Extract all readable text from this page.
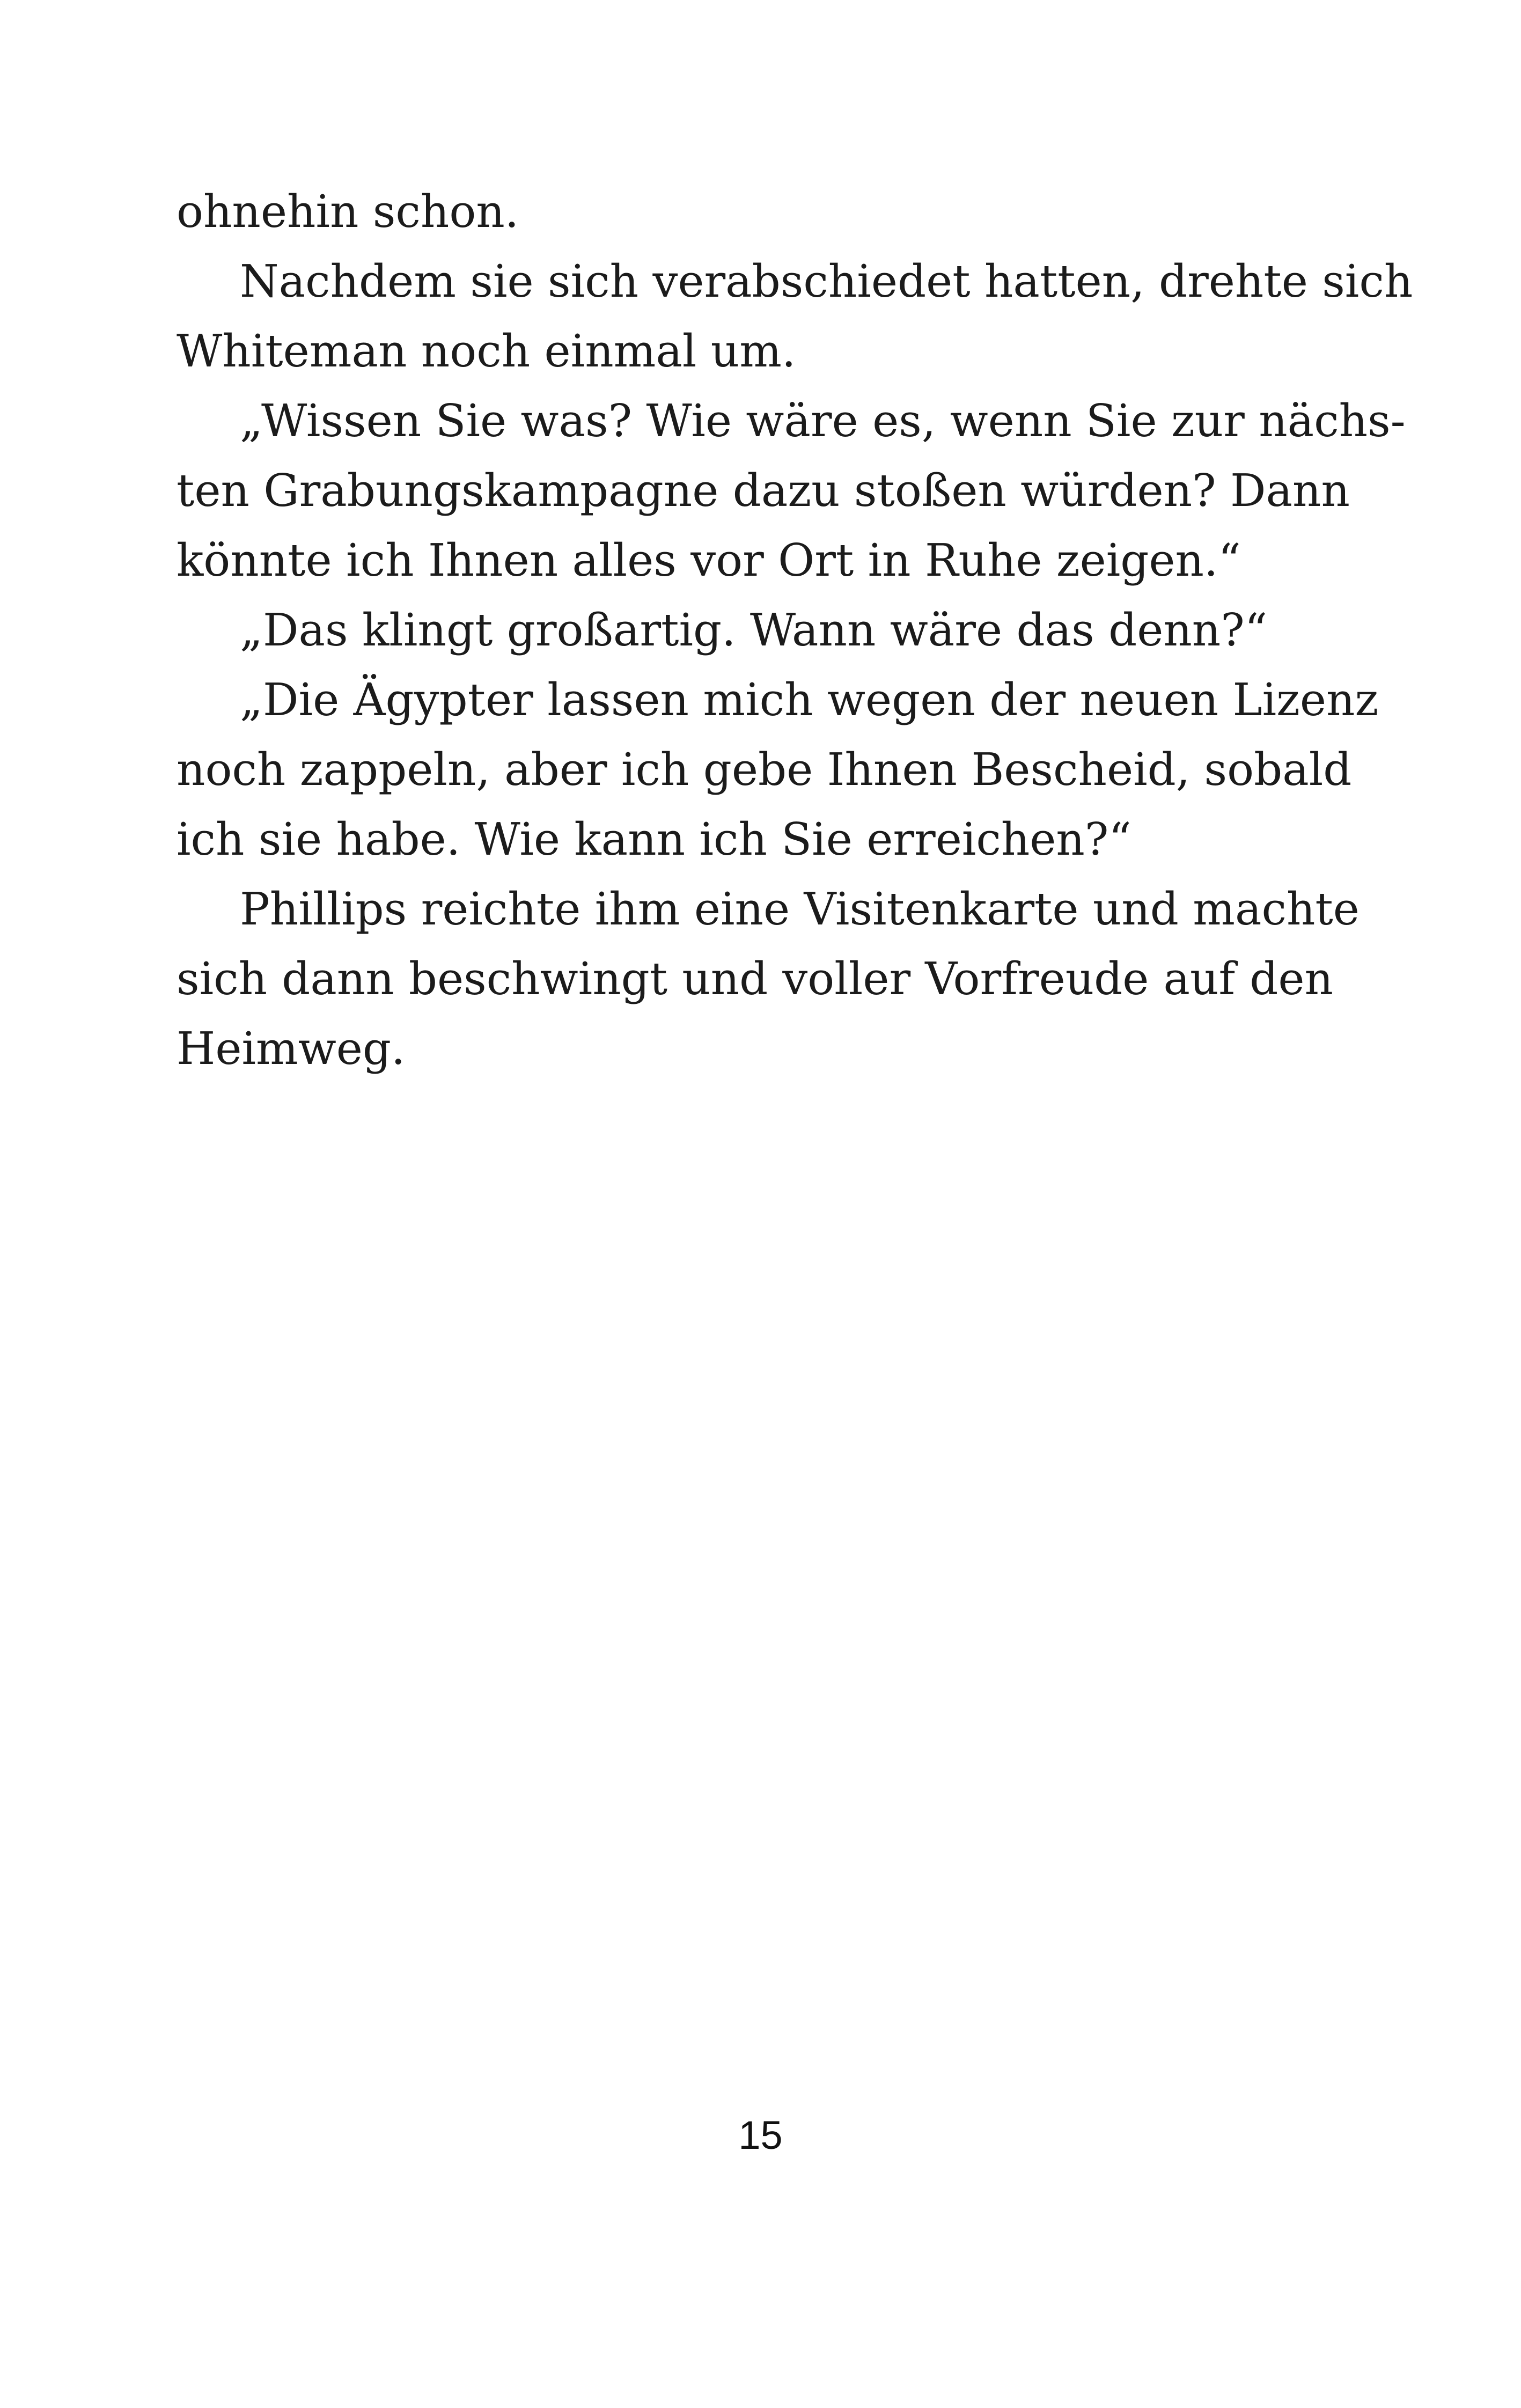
ohnehin schon.
Nachdem sie sich verabschiedet hatten, drehte sich
Whiteman noch einmal um.
„Wissen Sie was? Wie wäre es, wenn Sie zur nächs-
ten Grabungskampagne dazu stoßen würden? Dann
könnte ich Ihnen alles vor Ort in Ruhe zeigen.“
„Das klingt großartig. Wann wäre das denn?“
„Die Ägypter lassen mich wegen der neuen Lizenz
noch zappeln, aber ich gebe Ihnen Bescheid, sobald
ich sie habe. Wie kann ich Sie erreichen?“
Phillips reichte ihm eine Visitenkarte und machte
sich dann beschwingt und voller Vorfreude auf den
Heimweg.
15
